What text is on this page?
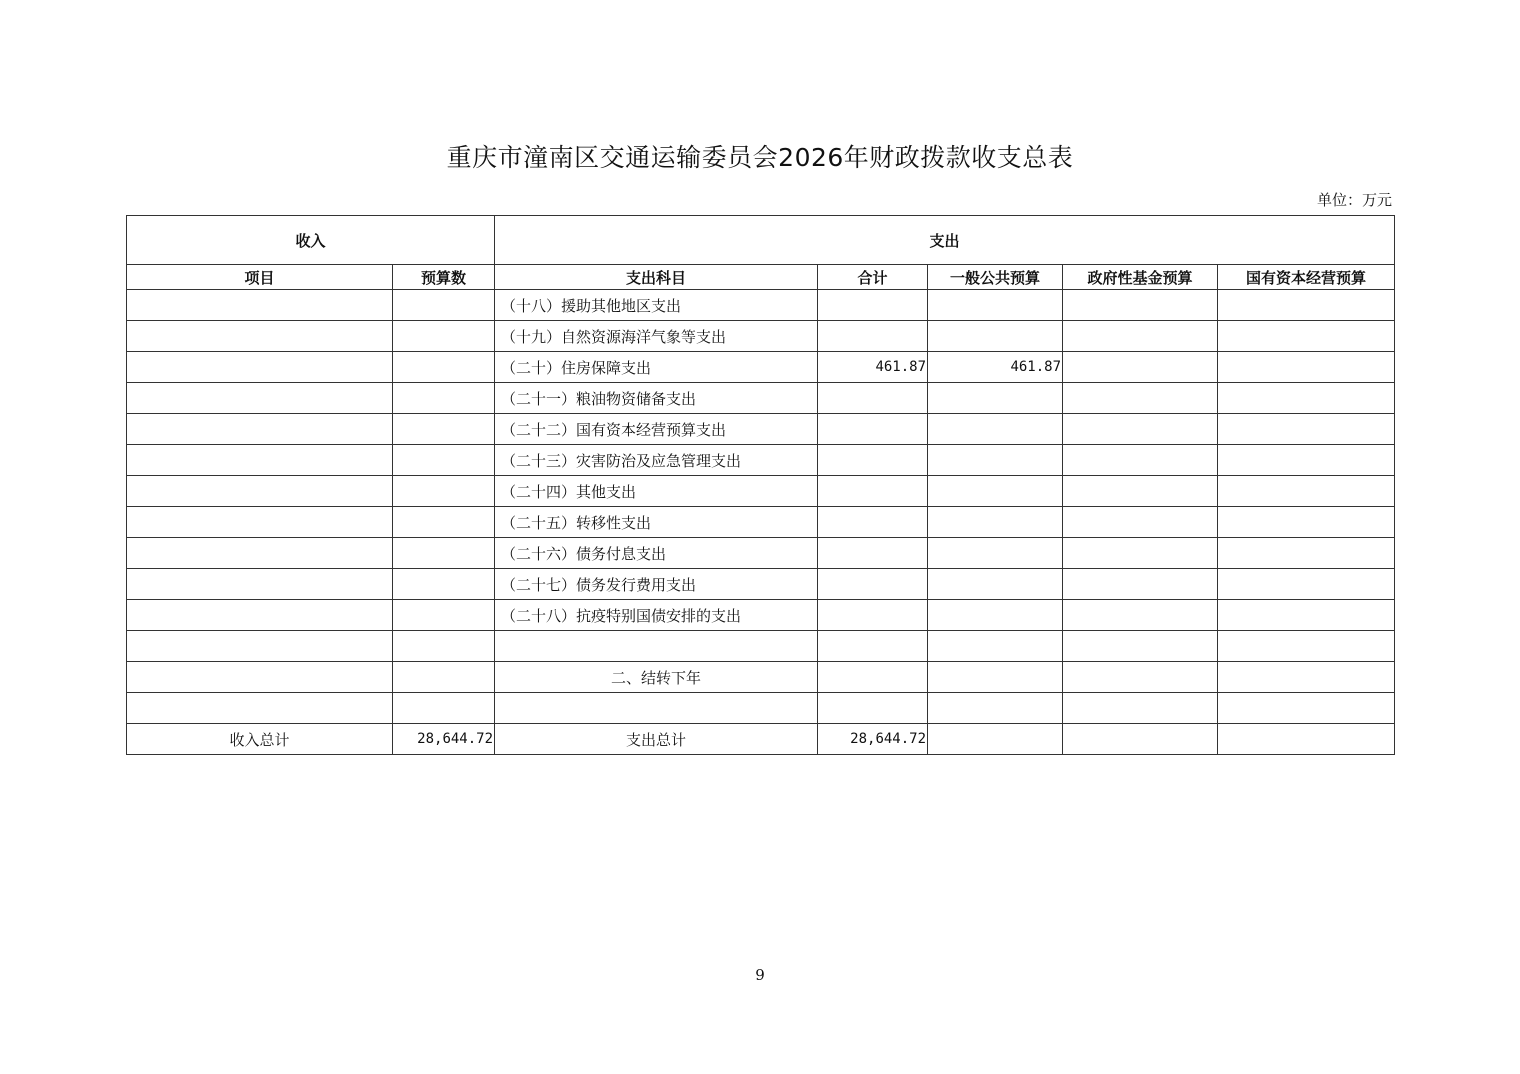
重庆市潼南区交通运输委员会2026年财政拨款收支总表
单位：万元
收入		支出				
项目	预算数	支出科目	合计	一般公共预算	政府性基金预算	国有资本经营预算
		（十八）援助其他地区支出				
		（十九）自然资源海洋气象等支出				
		（二十）住房保障支出	461.87	461.87		
		（二十一）粮油物资储备支出				
		（二十二）国有资本经营预算支出				
		（二十三）灾害防治及应急管理支出				
		（二十四）其他支出				
		（二十五）转移性支出				
		（二十六）债务付息支出				
		（二十七）债务发行费用支出				
		（二十八）抗疫特别国债安排的支出				

		二、结转下年				

收入总计	28,644.72	支出总计	28,644.72			
9
